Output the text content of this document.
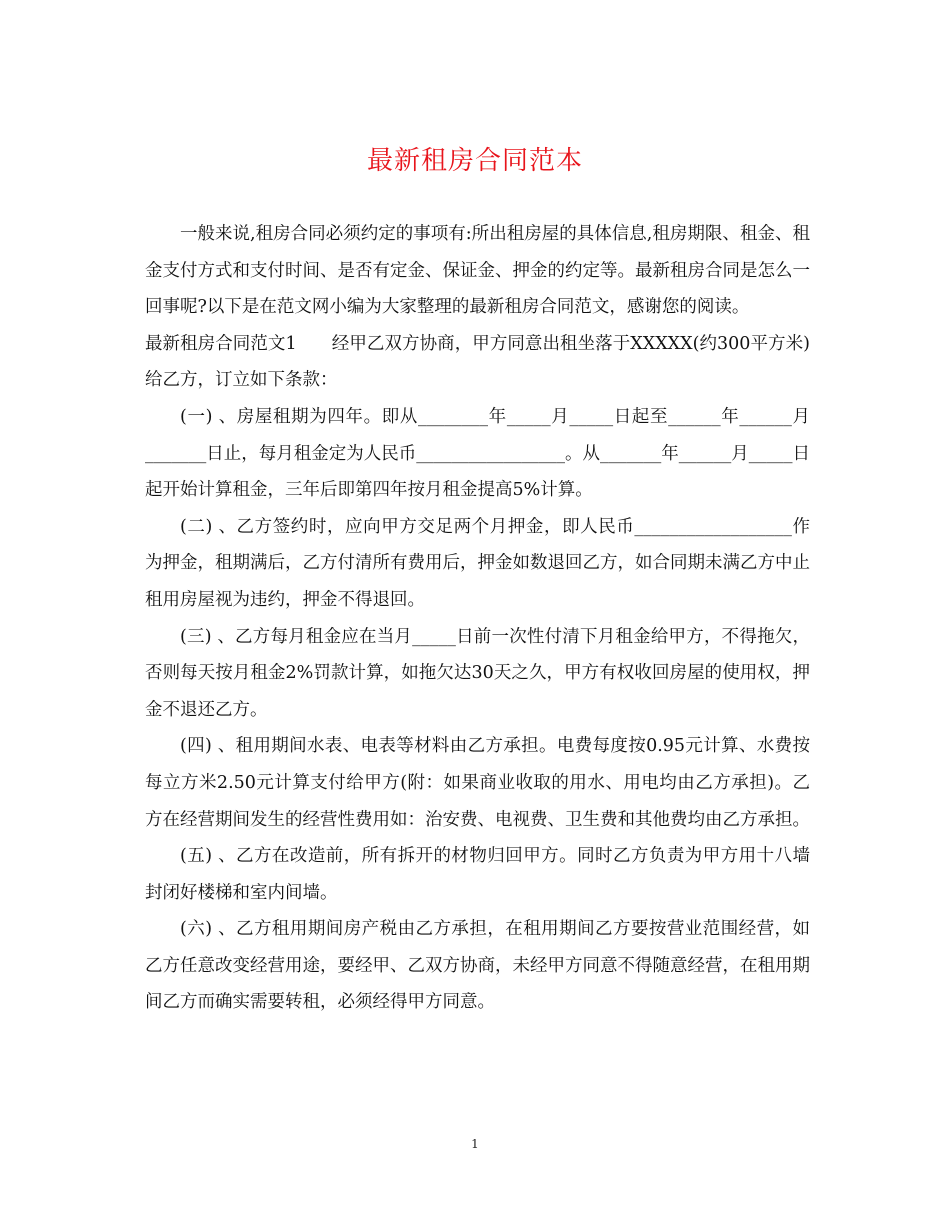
最新租房合同范本

一般来说,租房合同必须约定的事项有:所出租房屋的具体信息,租房期限、租金、租金支付方式和支付时间、是否有定金、保证金、押金的约定等。最新租房合同是怎么一回事呢?以下是在范文网小编为大家整理的最新租房合同范文，感谢您的阅读。

最新租房合同范文1　　经甲乙双方协商，甲方同意出租坐落于XXXXX(约300平方米)给乙方，订立如下条款：

(一) 、房屋租期为四年。即从________年_____月_____日起至______年______月_______日止，每月租金定为人民币_________________。从_______年______月_____日起开始计算租金，三年后即第四年按月租金提高5%计算。

(二) 、乙方签约时，应向甲方交足两个月押金，即人民币__________________作为押金，租期满后，乙方付清所有费用后，押金如数退回乙方，如合同期未满乙方中止租用房屋视为违约，押金不得退回。

(三) 、乙方每月租金应在当月_____日前一次性付清下月租金给甲方，不得拖欠，否则每天按月租金2%罚款计算，如拖欠达30天之久，甲方有权收回房屋的使用权，押金不退还乙方。

(四) 、租用期间水表、电表等材料由乙方承担。电费每度按0.95元计算、水费按每立方米2.50元计算支付给甲方(附：如果商业收取的用水、用电均由乙方承担)。乙方在经营期间发生的经营性费用如：治安费、电视费、卫生费和其他费均由乙方承担。

(五) 、乙方在改造前，所有拆开的材物归回甲方。同时乙方负责为甲方用十八墙封闭好楼梯和室内间墙。

(六) 、乙方租用期间房产税由乙方承担，在租用期间乙方要按营业范围经营，如乙方任意改变经营用途，要经甲、乙双方协商，未经甲方同意不得随意经营，在租用期间乙方而确实需要转租，必须经得甲方同意。

1
